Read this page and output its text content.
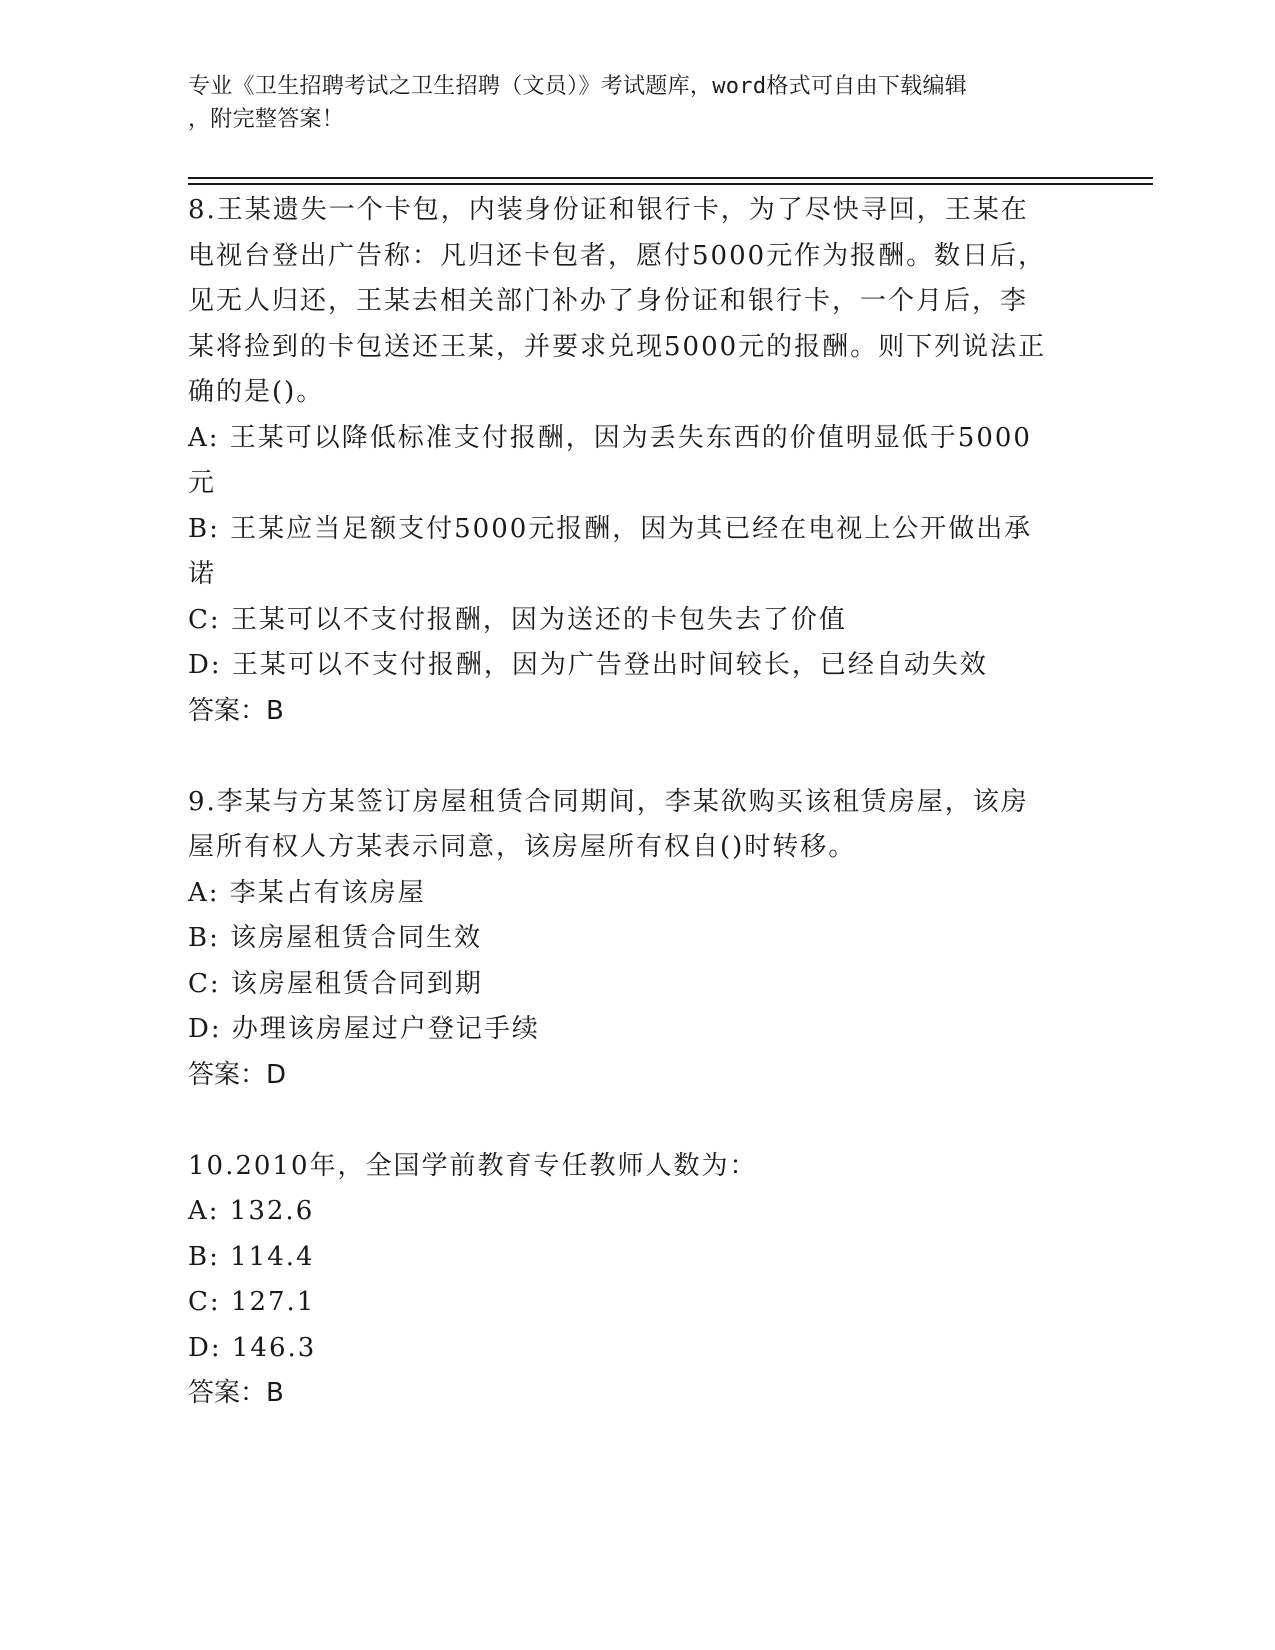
专业《卫生招聘考试之卫生招聘（文员）》考试题库，word格式可自由下载编辑
，附完整答案！
8.王某遗失一个卡包，内装身份证和银行卡，为了尽快寻回，王某在
电视台登出广告称：凡归还卡包者，愿付5000元作为报酬。数日后，
见无人归还，王某去相关部门补办了身份证和银行卡，一个月后，李
某将捡到的卡包送还王某，并要求兑现5000元的报酬。则下列说法正
确的是()。
A: 王某可以降低标准支付报酬，因为丢失东西的价值明显低于5000
元
B: 王某应当足额支付5000元报酬，因为其已经在电视上公开做出承
诺
C: 王某可以不支付报酬，因为送还的卡包失去了价值
D: 王某可以不支付报酬，因为广告登出时间较长，已经自动失效
答案：B
9.李某与方某签订房屋租赁合同期间，李某欲购买该租赁房屋，该房
屋所有权人方某表示同意，该房屋所有权自()时转移。
A: 李某占有该房屋
B: 该房屋租赁合同生效
C: 该房屋租赁合同到期
D: 办理该房屋过户登记手续
答案：D
10.2010年，全国学前教育专任教师人数为：
A: 132.6
B: 114.4
C: 127.1
D: 146.3
答案：B
